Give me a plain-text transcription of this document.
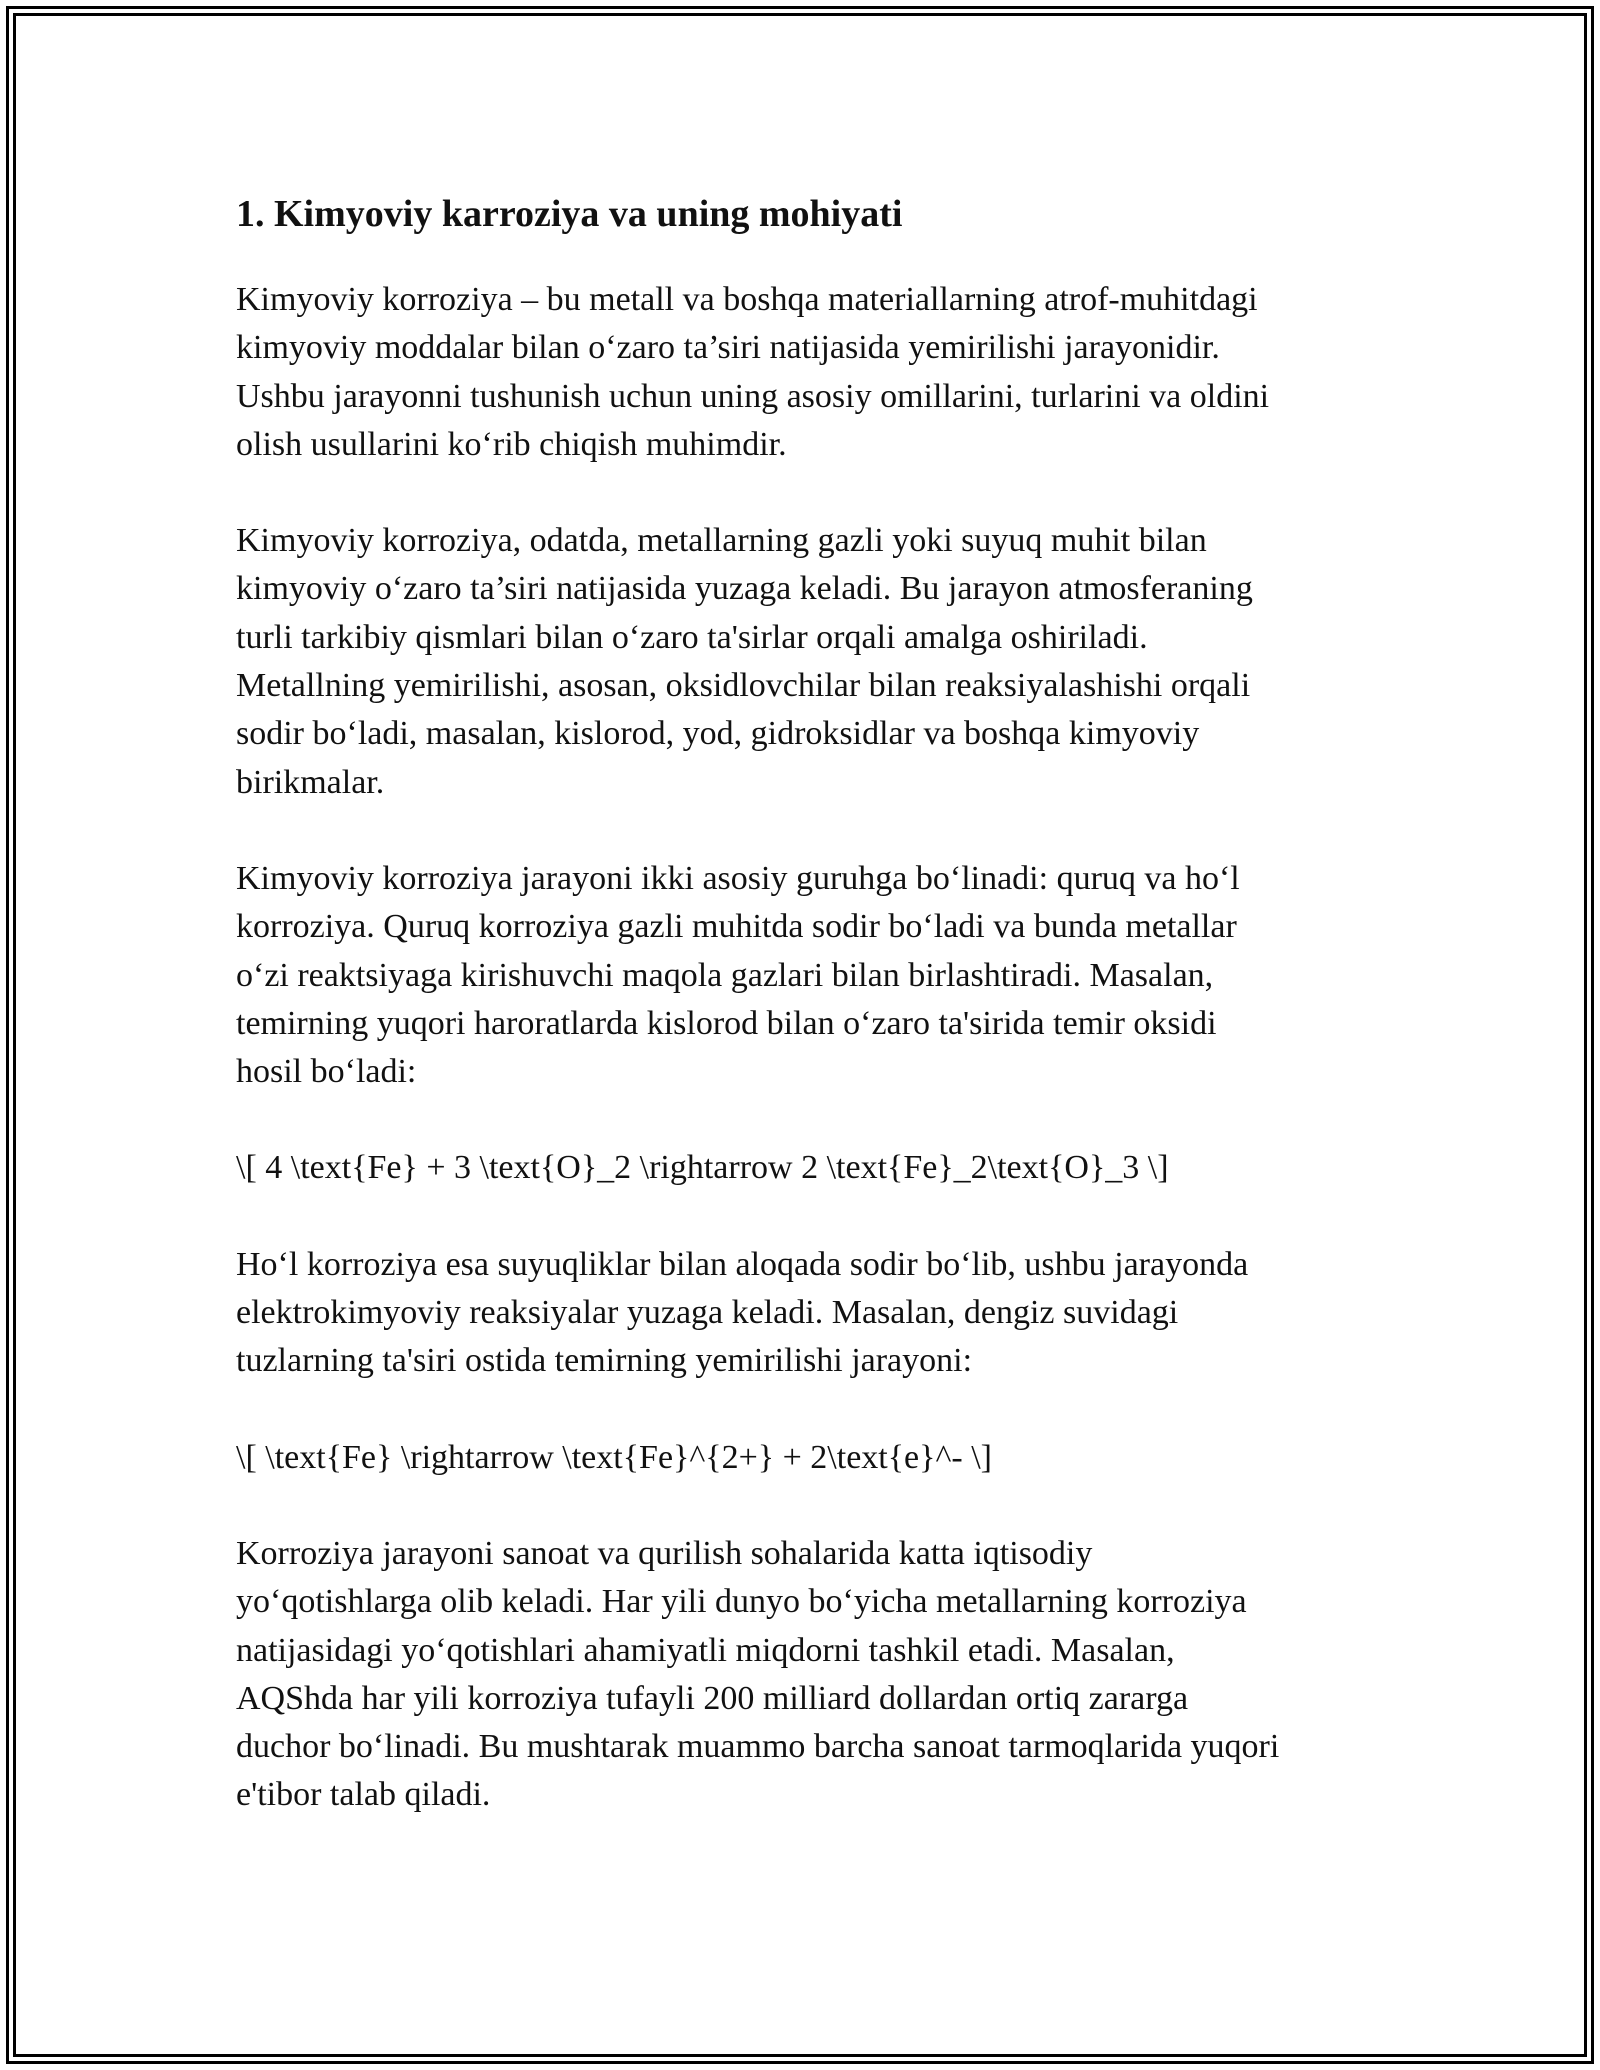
1. Kimyoviy karroziya va uning mohiyati

Kimyoviy korroziya – bu metall va boshqa materiallarning atrof-muhitdagi
kimyoviy moddalar bilan o‘zaro ta’siri natijasida yemirilishi jarayonidir.
Ushbu jarayonni tushunish uchun uning asosiy omillarini, turlarini va oldini
olish usullarini ko‘rib chiqish muhimdir.

Kimyoviy korroziya, odatda, metallarning gazli yoki suyuq muhit bilan
kimyoviy o‘zaro ta’siri natijasida yuzaga keladi. Bu jarayon atmosferaning
turli tarkibiy qismlari bilan o‘zaro ta'sirlar orqali amalga oshiriladi.
Metallning yemirilishi, asosan, oksidlovchilar bilan reaksiyalashishi orqali
sodir bo‘ladi, masalan, kislorod, yod, gidroksidlar va boshqa kimyoviy
birikmalar.

Kimyoviy korroziya jarayoni ikki asosiy guruhga bo‘linadi: quruq va ho‘l
korroziya. Quruq korroziya gazli muhitda sodir bo‘ladi va bunda metallar
o‘zi reaktsiyaga kirishuvchi maqola gazlari bilan birlashtiradi. Masalan,
temirning yuqori haroratlarda kislorod bilan o‘zaro ta'sirida temir oksidi
hosil bo‘ladi:

\[ 4 \text{Fe} + 3 \text{O}_2 \rightarrow 2 \text{Fe}_2\text{O}_3 \]

Ho‘l korroziya esa suyuqliklar bilan aloqada sodir bo‘lib, ushbu jarayonda
elektrokimyoviy reaksiyalar yuzaga keladi. Masalan, dengiz suvidagi
tuzlarning ta'siri ostida temirning yemirilishi jarayoni:

\[ \text{Fe} \rightarrow \text{Fe}^{2+} + 2\text{e}^- \]

Korroziya jarayoni sanoat va qurilish sohalarida katta iqtisodiy
yo‘qotishlarga olib keladi. Har yili dunyo bo‘yicha metallarning korroziya
natijasidagi yo‘qotishlari ahamiyatli miqdorni tashkil etadi. Masalan,
AQShda har yili korroziya tufayli 200 milliard dollardan ortiq zararga
duchor bo‘linadi. Bu mushtarak muammo barcha sanoat tarmoqlarida yuqori
e'tibor talab qiladi.
